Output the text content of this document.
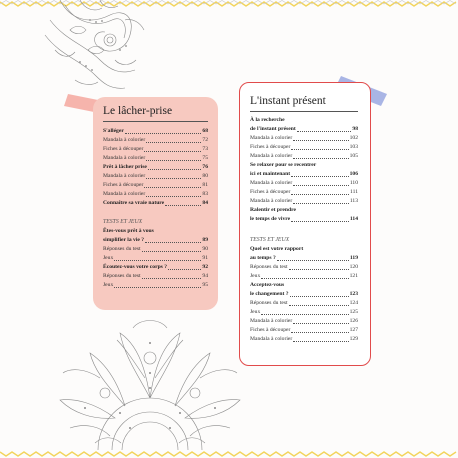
Le lâcher-prise
S'alléger	68
Mandala à colorier	72
Fiches à découper	73
Mandala à colorier	75
Prêt à lâcher prise	76
Mandala à colorier	80
Fiches à découper	81
Mandala à colorier	83
Connaître sa vraie nature	84
TESTS ET JEUX
Êtes-vous prêt à vous
simplifier la vie ?	89
Réponses du test	90
Jeux	91
Écoutez-vous votre corps ?	92
Réponses du test	94
Jeux	95
L'instant présent
À la recherche
de l'instant présent	98
Mandala à colorier	102
Fiches à découper	103
Mandala à colorier	105
Se relaxer pour se recentrer
ici et maintenant	106
Mandala à colorier	110
Fiches à découper	111
Mandala à colorier	113
Ralentir et prendre
le temps de vivre	114
TESTS ET JEUX
Quel est votre rapport
au temps ?	119
Réponses du test	120
Jeux	121
Acceptez-vous
le changement ?	123
Réponses du test	124
Jeux	125
Mandala à colorier	126
Fiches à découper	127
Mandala à colorier	129
